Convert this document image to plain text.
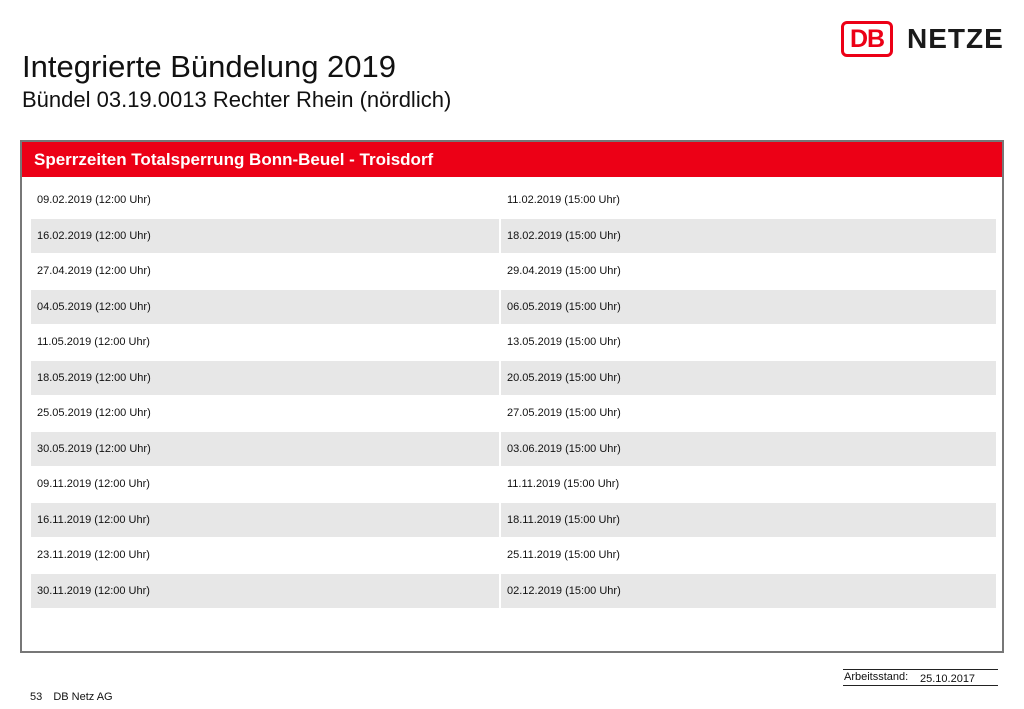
DB NETZE
Integrierte Bündelung 2019
Bündel 03.19.0013 Rechter Rhein (nördlich)
Sperrzeiten Totalsperrung Bonn-Beuel - Troisdorf
09.02.2019 (12:00 Uhr)	11.02.2019 (15:00 Uhr)
16.02.2019 (12:00 Uhr)	18.02.2019 (15:00 Uhr)
27.04.2019 (12:00 Uhr)	29.04.2019 (15:00 Uhr)
04.05.2019 (12:00 Uhr)	06.05.2019 (15:00 Uhr)
11.05.2019 (12:00 Uhr)	13.05.2019 (15:00 Uhr)
18.05.2019 (12:00 Uhr)	20.05.2019 (15:00 Uhr)
25.05.2019 (12:00 Uhr)	27.05.2019 (15:00 Uhr)
30.05.2019 (12:00 Uhr)	03.06.2019 (15:00 Uhr)
09.11.2019 (12:00 Uhr)	11.11.2019 (15:00 Uhr)
16.11.2019 (12:00 Uhr)	18.11.2019 (15:00 Uhr)
23.11.2019 (12:00 Uhr)	25.11.2019 (15:00 Uhr)
30.11.2019 (12:00 Uhr)	02.12.2019 (15:00 Uhr)
Arbeitsstand: 25.10.2017
53 DB Netz AG
